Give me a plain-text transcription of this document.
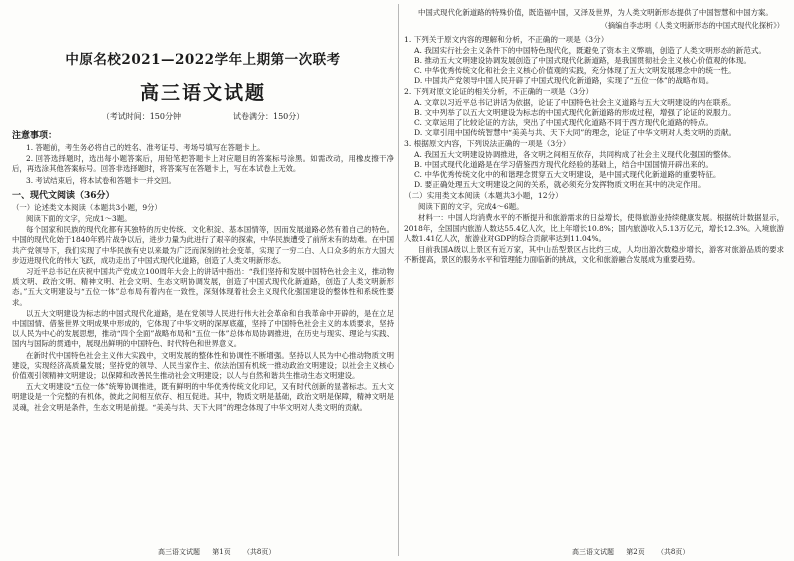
中原名校2021—2022学年上期第一次联考
高三语文试题
（考试时间：150分钟	试卷满分：150分）
注意事项：

1. 答题前，考生务必将自己的姓名、准考证号、考场号填写在答题卡上。

2. 回答选择题时，选出每小题答案后，用铅笔把答题卡上对应题目的答案标号涂黑。如需改动，用橡皮擦干净后，再选涂其他答案标号。回答非选择题时，将答案写在答题卡上，写在本试卷上无效。

3. 考试结束后，将本试卷和答题卡一并交回。

一、现代文阅读（36分）

（一）论述类文本阅读（本题共3小题，9分）

阅读下面的文字，完成1～3题。

每个国家和民族的现代化都有其独特的历史传统、文化积淀、基本国情等，因而发展道路必然有着自己的特色。中国的现代化始于1840年鸦片战争以后，进步力量为此进行了艰辛的探索，中华民族遭受了前所未有的劫难。在中国共产党领导下，我们实现了中华民族有史以来最为广泛而深刻的社会变革，实现了一穷二白、人口众多的东方大国大步迈进现代化的伟大飞跃，成功走出了中国式现代化道路，创造了人类文明新形态。

习近平总书记在庆祝中国共产党成立100周年大会上的讲话中指出：“我们坚持和发展中国特色社会主义，推动物质文明、政治文明、精神文明、社会文明、生态文明协调发展，创造了中国式现代化新道路，创造了人类文明新形态。”五大文明建设与“五位一体”总布局有着内在一致性，深刻体现着社会主义现代化强国建设的整体性和系统性要求。

以五大文明建设为标志的中国式现代化道路，是在党领导人民进行伟大社会革命和自我革命中开辟的，是在立足中国国情、借鉴世界文明成果中形成的，它体现了中华文明的深厚底蕴，坚持了中国特色社会主义的本质要求，坚持以人民为中心的发展思想，推动“四个全面”战略布局和“五位一体”总体布局协调推进，在历史与现实、理论与实践、国内与国际的贯通中，展现出鲜明的中国特色、时代特色和世界意义。

在新时代中国特色社会主义伟大实践中，文明发展的整体性和协调性不断增强。坚持以人民为中心推动物质文明建设，实现经济高质量发展；坚持党的领导、人民当家作主、依法治国有机统一推动政治文明建设；以社会主义核心价值观引领精神文明建设；以保障和改善民生推动社会文明建设；以人与自然和谐共生推动生态文明建设。

五大文明建设“五位一体”统筹协调推进，既有鲜明的中华优秀传统文化印记，又有时代创新的显著标志。五大文明建设是一个完整的有机体，彼此之间相互依存、相互促进。其中，物质文明是基础，政治文明是保障，精神文明是灵魂，社会文明是条件，生态文明是前提。“美美与共、天下大同”的理念体现了中华文明对人类文明的贡献。

中国式现代化新道路的特殊价值，既造福中国，又泽及世界，为人类文明新形态提供了中国智慧和中国方案。

（摘编自李志明《人类文明新形态的中国式现代化探析》）
1. 下列关于原文内容的理解和分析，不正确的一项是（3分）
A. 我国实行社会主义条件下的中国特色现代化，既避免了资本主义弊端，创造了人类文明形态的新范式。
B. 推动五大文明建设协调发展创造了中国式现代化新道路，是我国贯彻社会主义核心价值观的体现。
C. 中华优秀传统文化和社会主义核心价值观的实践，充分体现了五大文明发展理念中的统一性。
D. 中国共产党领导中国人民开辟了中国式现代化新道路，实现了“五位一体”的战略布局。
2. 下列对原文论证的相关分析，不正确的一项是（3分）
A. 文章以习近平总书记讲话为依据，论证了中国特色社会主义道路与五大文明建设的内在联系。
B. 文中列举了以五大文明建设为标志的中国式现代化新道路的形成过程，增强了论证的说服力。
C. 文章运用了比较论证的方法，突出了中国式现代化道路不同于西方现代化道路的特点。
D. 文章引用中国传统智慧中“美美与共、天下大同”的理念，论证了中华文明对人类文明的贡献。
3. 根据原文内容，下列说法正确的一项是（3分）
A. 我国五大文明建设协调推进，各文明之间相互依存，共同构成了社会主义现代化强国的整体。
B. 中国式现代化道路是在学习借鉴西方现代化经验的基础上，结合中国国情开辟出来的。
C. 中华优秀传统文化中的和谐理念贯穿五大文明建设，是中国式现代化新道路的重要特征。
D. 要正确处理五大文明建设之间的关系，就必须充分发挥物质文明在其中的决定作用。
（二）实用类文本阅读（本题共3小题，12分）

阅读下面的文字，完成4～6题。

材料一：中国人均消费水平的不断提升和旅游需求的日益增长，使得旅游业持续健康发展。根据统计数据显示，2018年，全国国内旅游人数达55.4亿人次，比上年增长10.8%；国内旅游收入5.13万亿元，增长12.3%。入境旅游人数1.41亿人次，旅游业对GDP的综合贡献率达到11.04%。

目前我国A级以上景区有近万家，其中山岳型景区占比约三成，人均出游次数稳步增长，游客对旅游品质的要求不断提高，景区的服务水平和管理能力面临新的挑战，文化和旅游融合发展成为重要趋势。

高三语文试题 第1页 （共8页）	高三语文试题 第2页 （共8页）
